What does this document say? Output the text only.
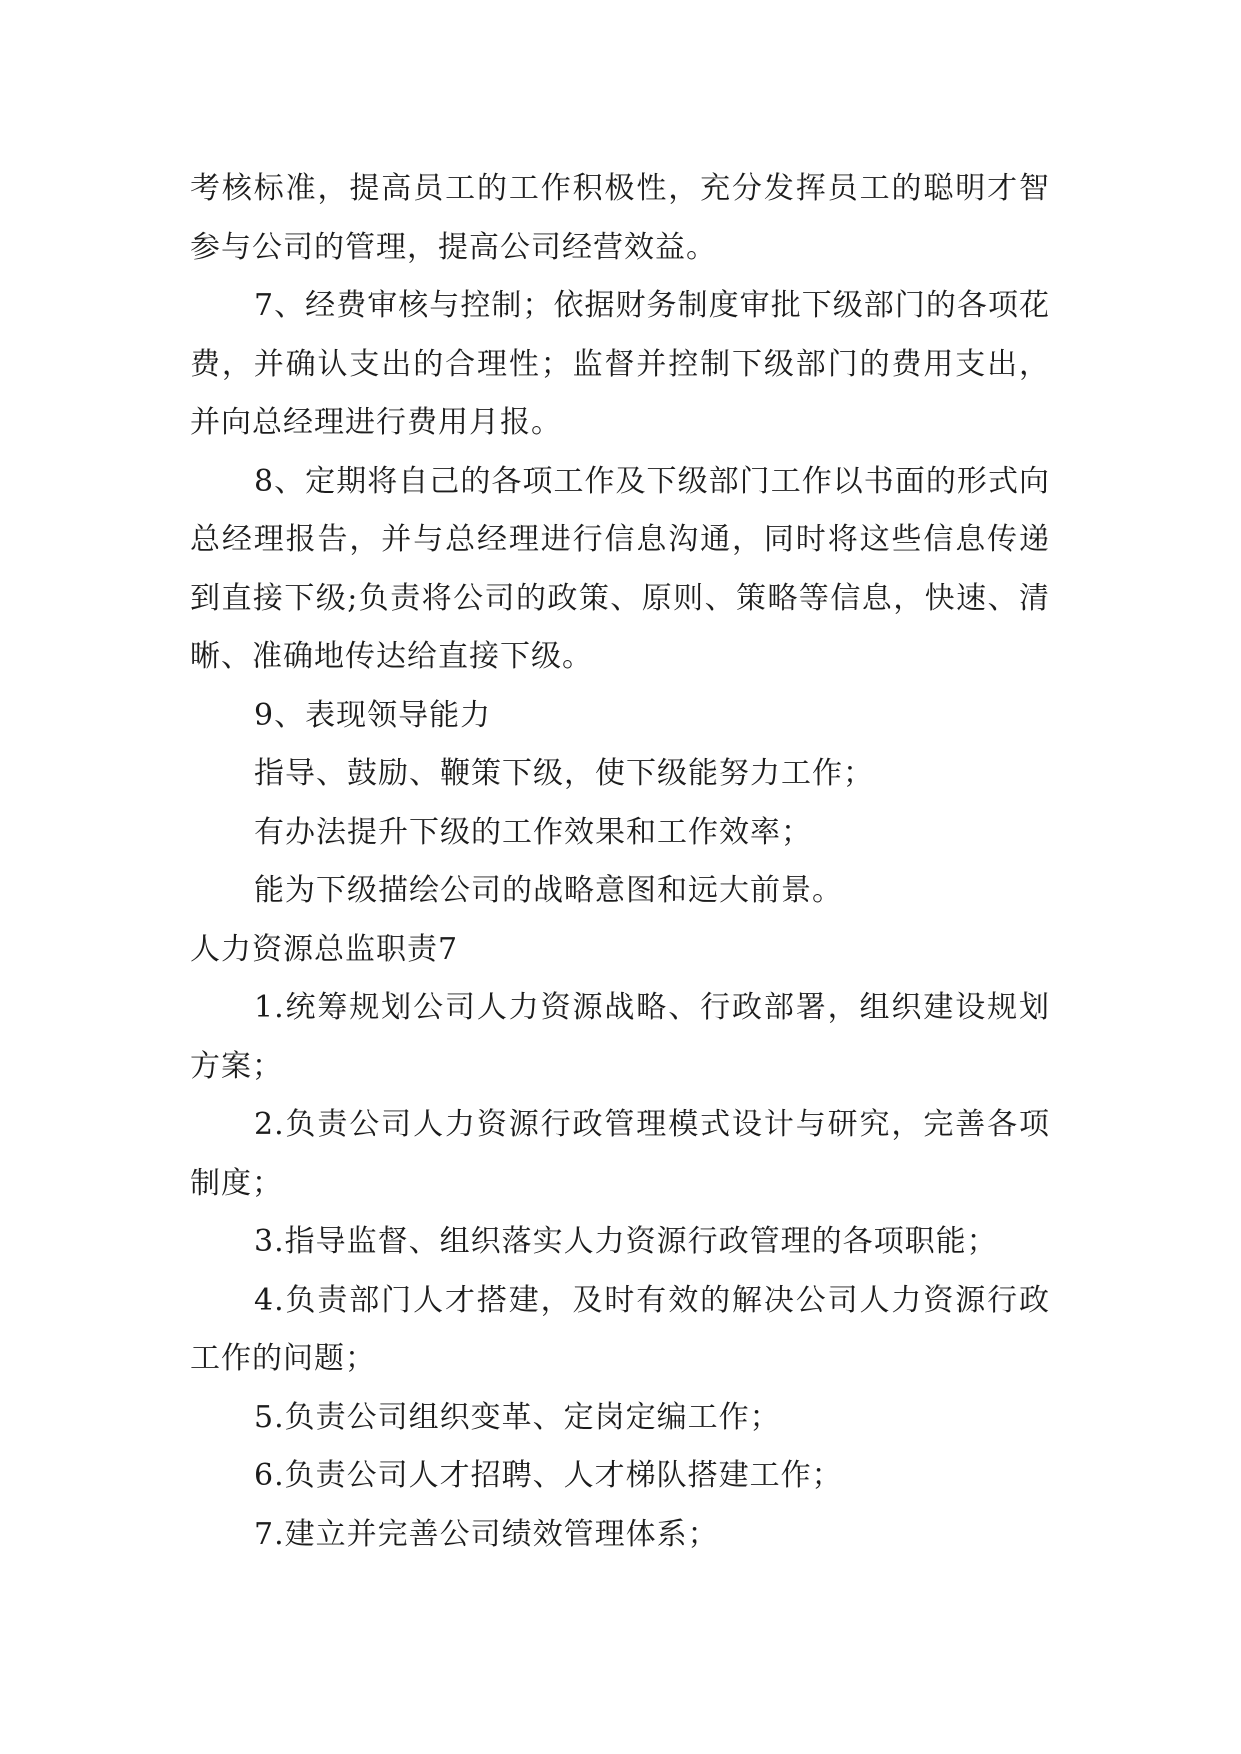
考核标准，提高员工的工作积极性，充分发挥员工的聪明才智参与公司的管理，提高公司经营效益。

7、经费审核与控制；依据财务制度审批下级部门的各项花费，并确认支出的合理性；监督并控制下级部门的费用支出，并向总经理进行费用月报。

8、定期将自己的各项工作及下级部门工作以书面的形式向总经理报告，并与总经理进行信息沟通，同时将这些信息传递到直接下级;负责将公司的政策、原则、策略等信息，快速、清晰、准确地传达给直接下级。

9、表现领导能力

指导、鼓励、鞭策下级，使下级能努力工作；

有办法提升下级的工作效果和工作效率；

能为下级描绘公司的战略意图和远大前景。

人力资源总监职责7

1.统筹规划公司人力资源战略、行政部署，组织建设规划方案；

2.负责公司人力资源行政管理模式设计与研究，完善各项制度；

3.指导监督、组织落实人力资源行政管理的各项职能；

4.负责部门人才搭建，及时有效的解决公司人力资源行政工作的问题；

5.负责公司组织变革、定岗定编工作；

6.负责公司人才招聘、人才梯队搭建工作；

7.建立并完善公司绩效管理体系；
